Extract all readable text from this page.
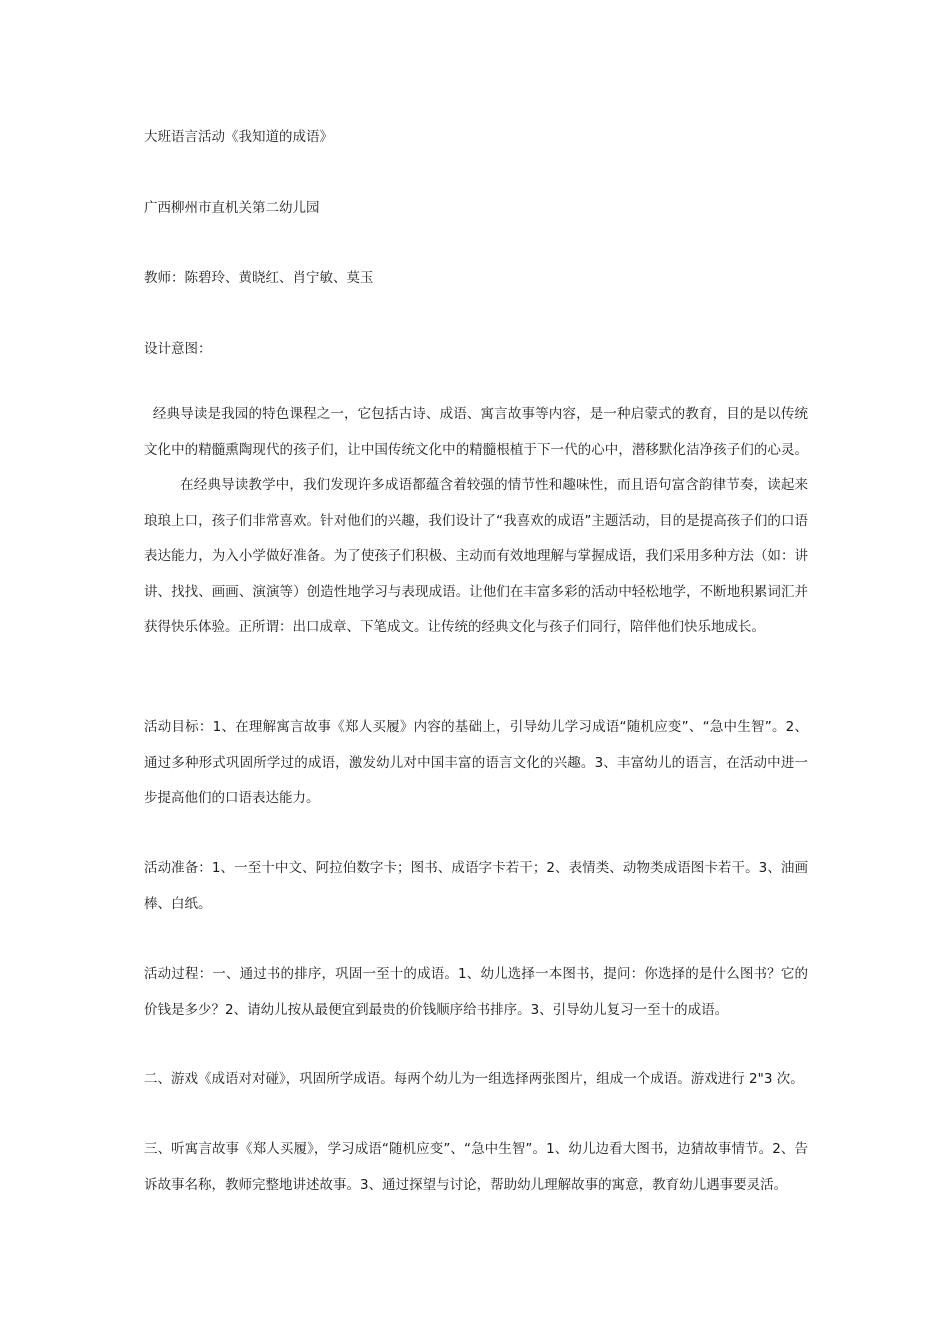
大班语言活动《我知道的成语》

广西柳州市直机关第二幼儿园

教师：陈碧玲、黄晓红、肖宁敏、莫玉

设计意图：

经典导读是我园的特色课程之一，它包括古诗、成语、寓言故事等内容，是一种启蒙式的教育，目的是以传统文化中的精髓熏陶现代的孩子们，让中国传统文化中的精髓根植于下一代的心中，潜移默化洁净孩子们的心灵。在经典导读教学中，我们发现许多成语都蕴含着较强的情节性和趣味性，而且语句富含韵律节奏，读起来琅琅上口，孩子们非常喜欢。针对他们的兴趣，我们设计了“我喜欢的成语”主题活动，目的是提高孩子们的口语表达能力，为入小学做好准备。为了使孩子们积极、主动而有效地理解与掌握成语，我们采用多种方法（如：讲讲、找找、画画、演演等）创造性地学习与表现成语。让他们在丰富多彩的活动中轻松地学，不断地积累词汇并获得快乐体验。正所谓：出口成章、下笔成文。让传统的经典文化与孩子们同行，陪伴他们快乐地成长。

活动目标：1、在理解寓言故事《郑人买履》内容的基础上，引导幼儿学习成语“随机应变”、“急中生智”。2、通过多种形式巩固所学过的成语，激发幼儿对中国丰富的语言文化的兴趣。3、丰富幼儿的语言，在活动中进一步提高他们的口语表达能力。

活动准备：1、一至十中文、阿拉伯数字卡；图书、成语字卡若干；2、表情类、动物类成语图卡若干。3、油画棒、白纸。

活动过程：一、通过书的排序，巩固一至十的成语。1、幼儿选择一本图书，提问：你选择的是什么图书？它的价钱是多少？2、请幼儿按从最便宜到最贵的价钱顺序给书排序。3、引导幼儿复习一至十的成语。

二、游戏《成语对对碰》，巩固所学成语。每两个幼儿为一组选择两张图片，组成一个成语。游戏进行 2"3 次。

三、听寓言故事《郑人买履》，学习成语“随机应变”、“急中生智”。1、幼儿边看大图书，边猜故事情节。2、告诉故事名称，教师完整地讲述故事。3、通过探望与讨论，帮助幼儿理解故事的寓意，教育幼儿遇事要灵活。
